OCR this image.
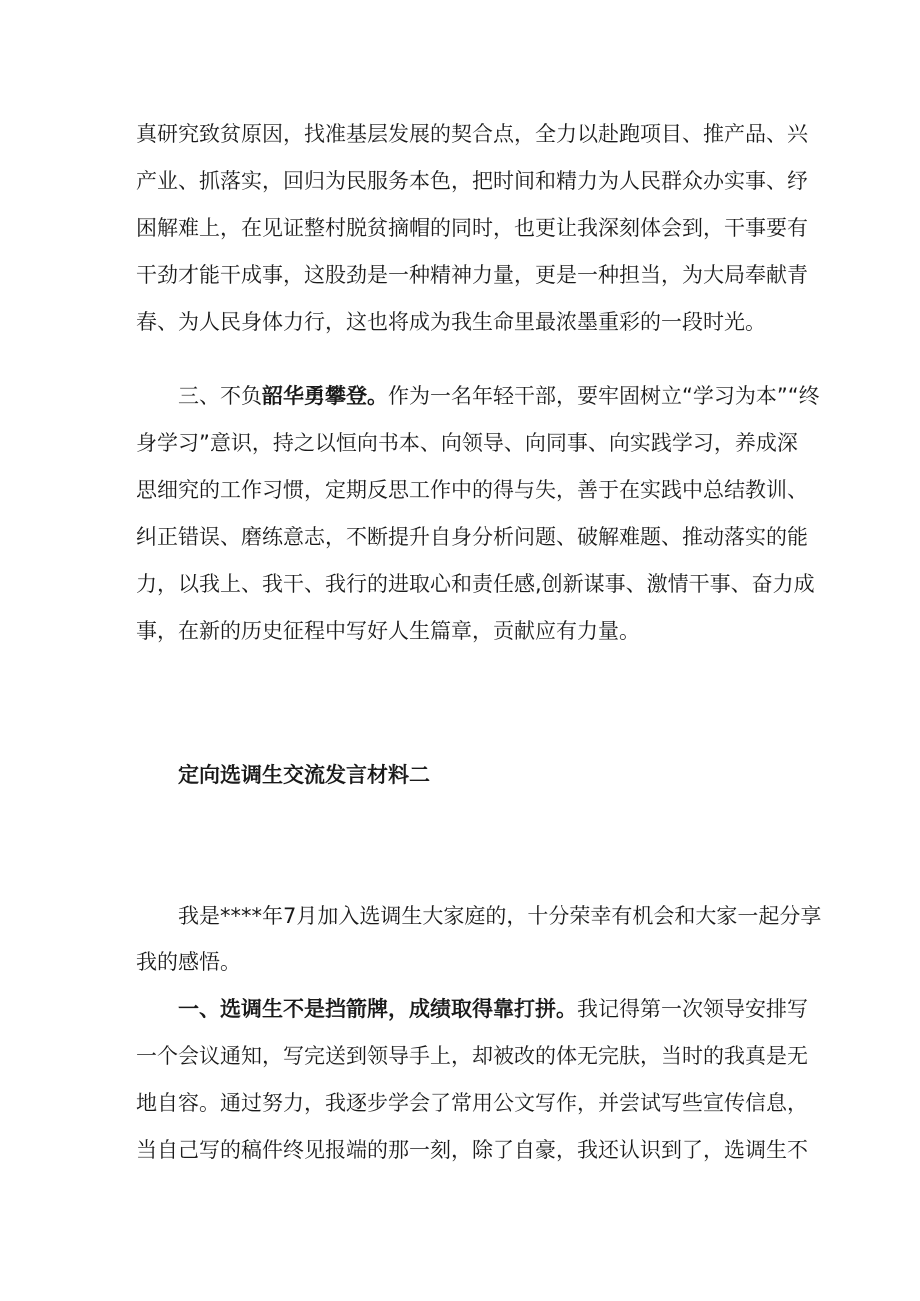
真研究致贫原因，找准基层发展的契合点，全力以赴跑项目、推产品、兴
产业、抓落实，回归为民服务本色，把时间和精力为人民群众办实事、纾
困解难上，在见证整村脱贫摘帽的同时，也更让我深刻体会到，干事要有
干劲才能干成事，这股劲是一种精神力量，更是一种担当，为大局奉献青
春、为人民身体力行，这也将成为我生命里最浓墨重彩的一段时光。
三、不负韶华勇攀登。作为一名年轻干部，要牢固树立“学习为本”“终
身学习”意识，持之以恒向书本、向领导、向同事、向实践学习，养成深
思细究的工作习惯，定期反思工作中的得与失，善于在实践中总结教训、
纠正错误、磨练意志，不断提升自身分析问题、破解难题、推动落实的能
力，以我上、我干、我行的进取心和责任感,创新谋事、激情干事、奋力成
事，在新的历史征程中写好人生篇章，贡献应有力量。
定向选调生交流发言材料二
我是****年7月加入选调生大家庭的，十分荣幸有机会和大家一起分享
我的感悟。
一、选调生不是挡箭牌，成绩取得靠打拼。我记得第一次领导安排写
一个会议通知，写完送到领导手上，却被改的体无完肤，当时的我真是无
地自容。通过努力，我逐步学会了常用公文写作，并尝试写些宣传信息，
当自己写的稿件终见报端的那一刻，除了自豪，我还认识到了，选调生不
